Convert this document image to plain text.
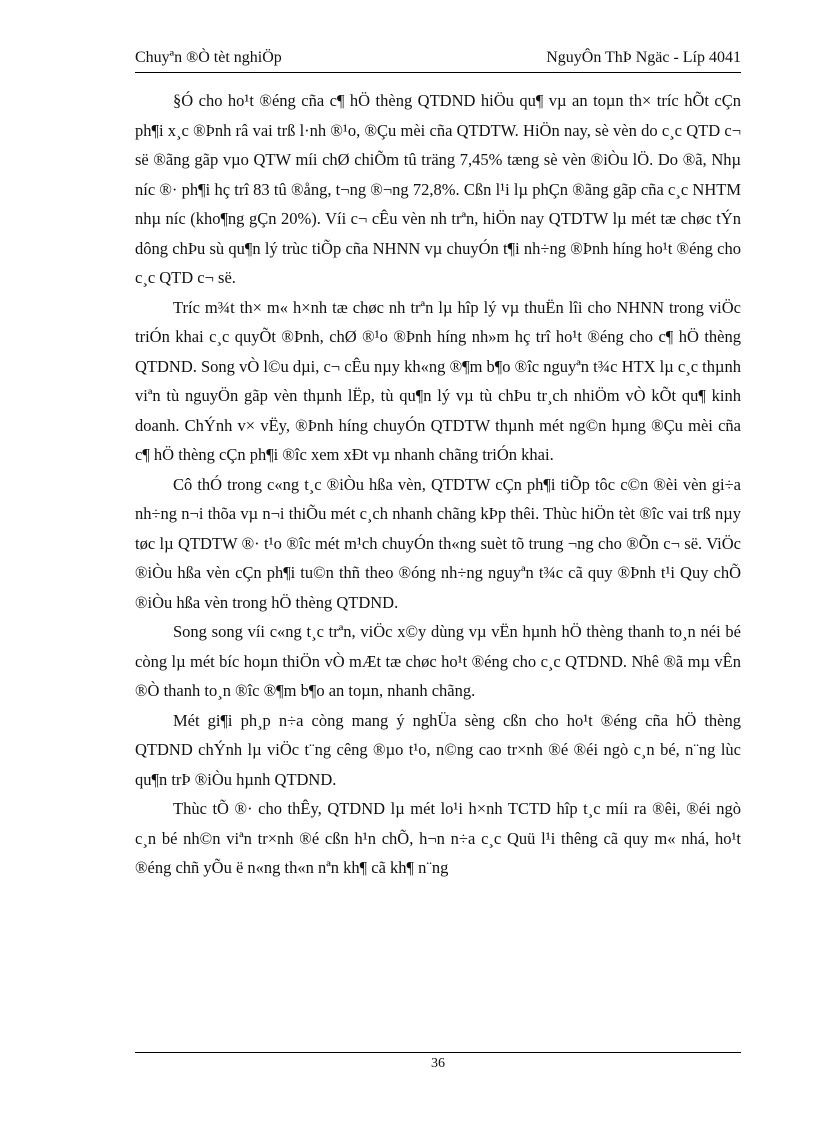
Chuyªn ®Ò tèt nghiÖp	NguyÔn ThÞ Ngäc - Líp 4041

§Ó cho ho¹t ®éng cña c¶ hÖ thèng QTDND hiÖu qu¶ vµ an toµn th× tríc hÕt cÇn ph¶i x¸c ®Þnh râ vai trß l·nh ®¹o, ®Çu mèi cña QTDTW. HiÖn nay, sè vèn do c¸c QTD c¬ së ®ãng gãp vµo QTW míi chØ chiÕm tû träng 7,45% tæng sè vèn ®iÒu lÖ. Do ®ã, Nhµ níc ®· ph¶i hç trî 83 tû ®ång, t¬ng ®¬ng 72,8%. Cßn l¹i lµ phÇn ®ãng gãp cña c¸c NHTM nhµ níc (kho¶ng gÇn 20%). Víi c¬ cÊu vèn nh trªn, hiÖn nay QTDTW lµ mét tæ chøc tÝn dông chÞu sù qu¶n lý trùc tiÕp cña NHNN vµ chuyÓn t¶i nh÷ng ®Þnh híng ho¹t ®éng cho c¸c QTD c¬ së.

Tríc m¾t th× m« h×nh tæ chøc nh trªn lµ hîp lý vµ thuËn lîi cho NHNN trong viÖc triÓn khai c¸c quyÕt ®Þnh, chØ ®¹o ®Þnh híng nh»m hç trî ho¹t ®éng cho c¶ hÖ thèng QTDND. Song vÒ l©u dµi, c¬ cÊu nµy kh«ng ®¶m b¶o ®îc nguyªn t¾c HTX lµ c¸c thµnh viªn tù nguyÖn gãp vèn thµnh lËp, tù qu¶n lý vµ tù chÞu tr¸ch nhiÖm vÒ kÕt qu¶ kinh doanh. ChÝnh v× vËy, ®Þnh híng chuyÓn QTDTW thµnh mét ng©n hµng ®Çu mèi cña c¶ hÖ thèng cÇn ph¶i ®îc xem xÐt vµ nhanh chãng triÓn khai.

Cô thÓ trong c«ng t¸c ®iÒu hßa vèn, QTDTW cÇn ph¶i tiÕp tôc c©n ®èi vèn gi÷a nh÷ng n¬i thõa vµ n¬i thiÕu mét c¸ch nhanh chãng kÞp thêi. Thùc hiÖn tèt ®îc vai trß nµy tøc lµ QTDTW ®· t¹o ®îc mét m¹ch chuyÓn th«ng suèt tõ trung ¬ng cho ®Õn c¬ së. ViÖc ®iÒu hßa vèn cÇn ph¶i tu©n thñ theo ®óng nh÷ng nguyªn t¾c cã quy ®Þnh t¹i Quy chÕ ®iÒu hßa vèn trong hÖ thèng QTDND.

Song song víi c«ng t¸c trªn, viÖc x©y dùng vµ vËn hµnh hÖ thèng thanh to¸n néi bé còng lµ mét bíc hoµn thiÖn vÒ mÆt tæ chøc ho¹t ®éng cho c¸c QTDND. Nhê ®ã mµ vÊn ®Ò thanh to¸n ®îc ®¶m b¶o an toµn, nhanh chãng.

Mét gi¶i ph¸p n÷a còng mang ý nghÜa sèng cßn cho ho¹t ®éng cña hÖ thèng QTDND chÝnh lµ viÖc t¨ng cêng ®µo t¹o, n©ng cao tr×nh ®é ®éi ngò c¸n bé, n¨ng lùc qu¶n trÞ ®iÒu hµnh QTDND.

Thùc tÕ ®· cho thÊy, QTDND lµ mét lo¹i h×nh TCTD hîp t¸c míi ra ®êi, ®éi ngò c¸n bé nh©n viªn tr×nh ®é cßn h¹n chÕ, h¬n n÷a c¸c Quü l¹i thêng cã quy m« nhá, ho¹t ®éng chñ yÕu ë n«ng th«n nªn kh¶ cã kh¶ n¨ng

36
